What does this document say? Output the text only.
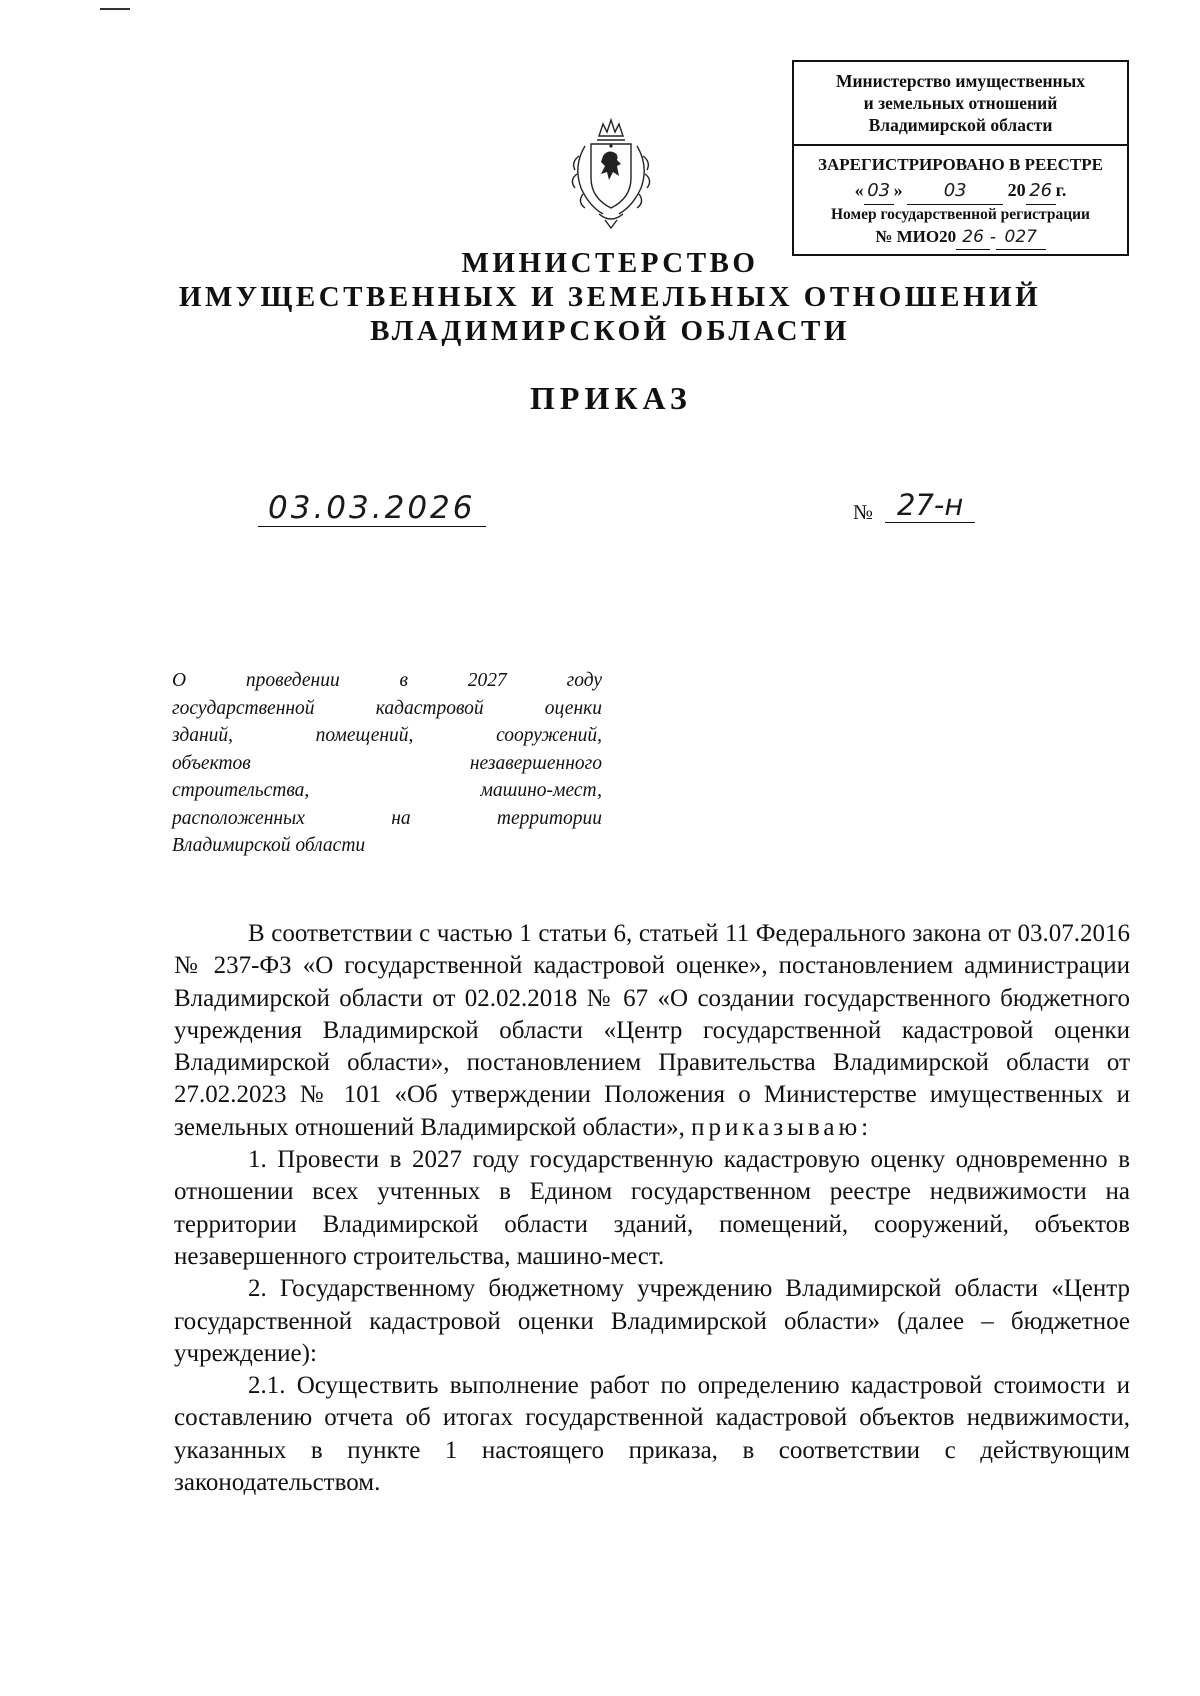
Министерство имущественных
и земельных отношений
Владимирской области
ЗАРЕГИСТРИРОВАНО В РЕЕСТРЕ
« 03 » 03 20 26 г.
Номер государственной регистрации
№ МИО20 26 - 027
МИНИСТЕРСТВО
ИМУЩЕСТВЕННЫХ И ЗЕМЕЛЬНЫХ ОТНОШЕНИЙ
ВЛАДИМИРСКОЙ ОБЛАСТИ
ПРИКАЗ
03.03.2026	№ 27-н
О проведении в 2027 году
государственной кадастровой оценки
зданий, помещений, сооружений,
объектов незавершенного
строительства, машино-мест,
расположенных на территории
Владимирской области

В соответствии с частью 1 статьи 6, статьей 11 Федерального закона от 03.07.2016 № 237-ФЗ «О государственной кадастровой оценке», постановлением администрации Владимирской области от 02.02.2018 № 67 «О создании государственного бюджетного учреждения Владимирской области «Центр государственной кадастровой оценки Владимирской области», постановлением Правительства Владимирской области от 27.02.2023 № 101 «Об утверждении Положения о Министерстве имущественных и земельных отношений Владимирской области», приказываю:

1. Провести в 2027 году государственную кадастровую оценку одновременно в отношении всех учтенных в Едином государственном реестре недвижимости на территории Владимирской области зданий, помещений, сооружений, объектов незавершенного строительства, машино-мест.

2. Государственному бюджетному учреждению Владимирской области «Центр государственной кадастровой оценки Владимирской области» (далее – бюджетное учреждение):

2.1. Осуществить выполнение работ по определению кадастровой стоимости и составлению отчета об итогах государственной кадастровой объектов недвижимости, указанных в пункте 1 настоящего приказа, в соответствии с действующим законодательством.
